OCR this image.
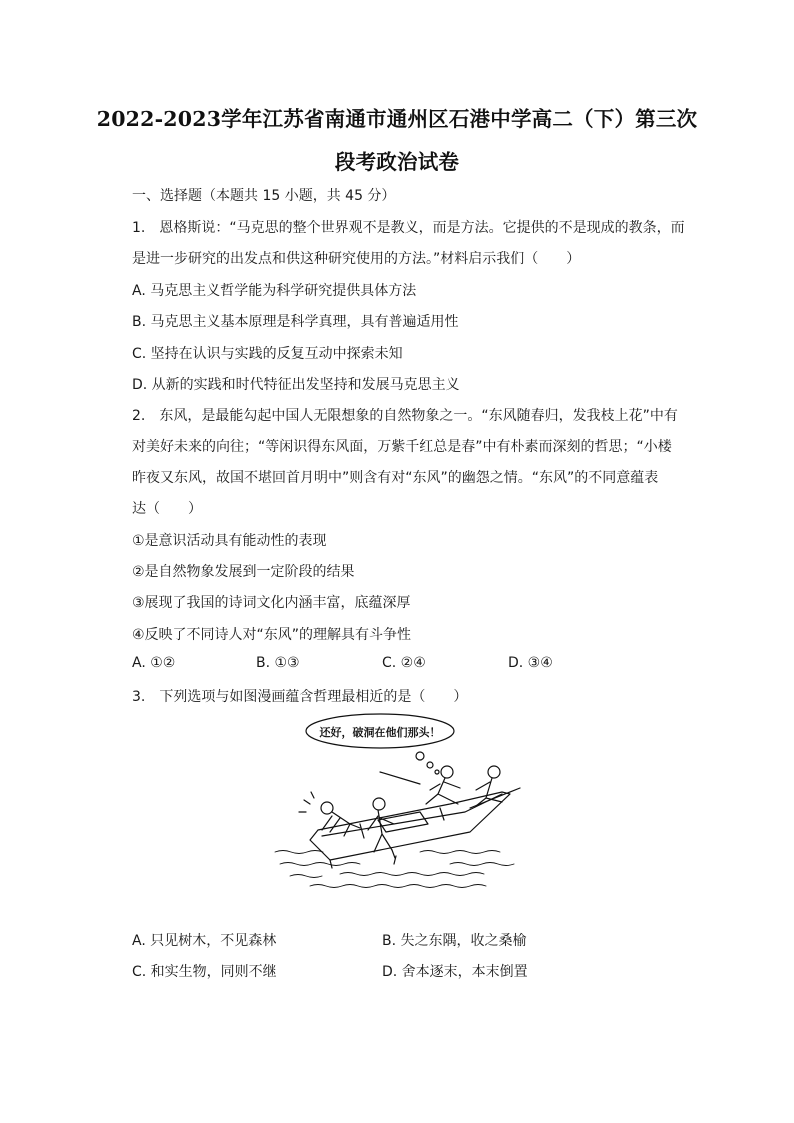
2022-2023学年江苏省南通市通州区石港中学高二（下）第三次
段考政治试卷
一、选择题（本题共 15 小题，共 45 分）
1.　恩格斯说：“马克思的整个世界观不是教义，而是方法。它提供的不是现成的教条，而
是进一步研究的出发点和供这种研究使用的方法。”材料启示我们（　　）
A. 马克思主义哲学能为科学研究提供具体方法
B. 马克思主义基本原理是科学真理，具有普遍适用性
C. 坚持在认识与实践的反复互动中探索未知
D. 从新的实践和时代特征出发坚持和发展马克思主义
2.　东风，是最能勾起中国人无限想象的自然物象之一。“东风随春归，发我枝上花”中有
对美好未来的向往；“等闲识得东风面，万紫千红总是春”中有朴素而深刻的哲思；“小楼
昨夜又东风，故国不堪回首月明中”则含有对“东风”的幽怨之情。“东风”的不同意蕴表
达（　　）
①是意识活动具有能动性的表现
②是自然物象发展到一定阶段的结果
③展现了我国的诗词文化内涵丰富，底蕴深厚
④反映了不同诗人对“东风”的理解具有斗争性
A. ①②	B. ①③	C. ②④	D. ③④
3.　下列选项与如图漫画蕴含哲理最相近的是（　　）
还好，破洞在他们那头！
A. 只见树木，不见森林	B. 失之东隅，收之桑榆
C. 和实生物，同则不继	D. 舍本逐末，本末倒置
